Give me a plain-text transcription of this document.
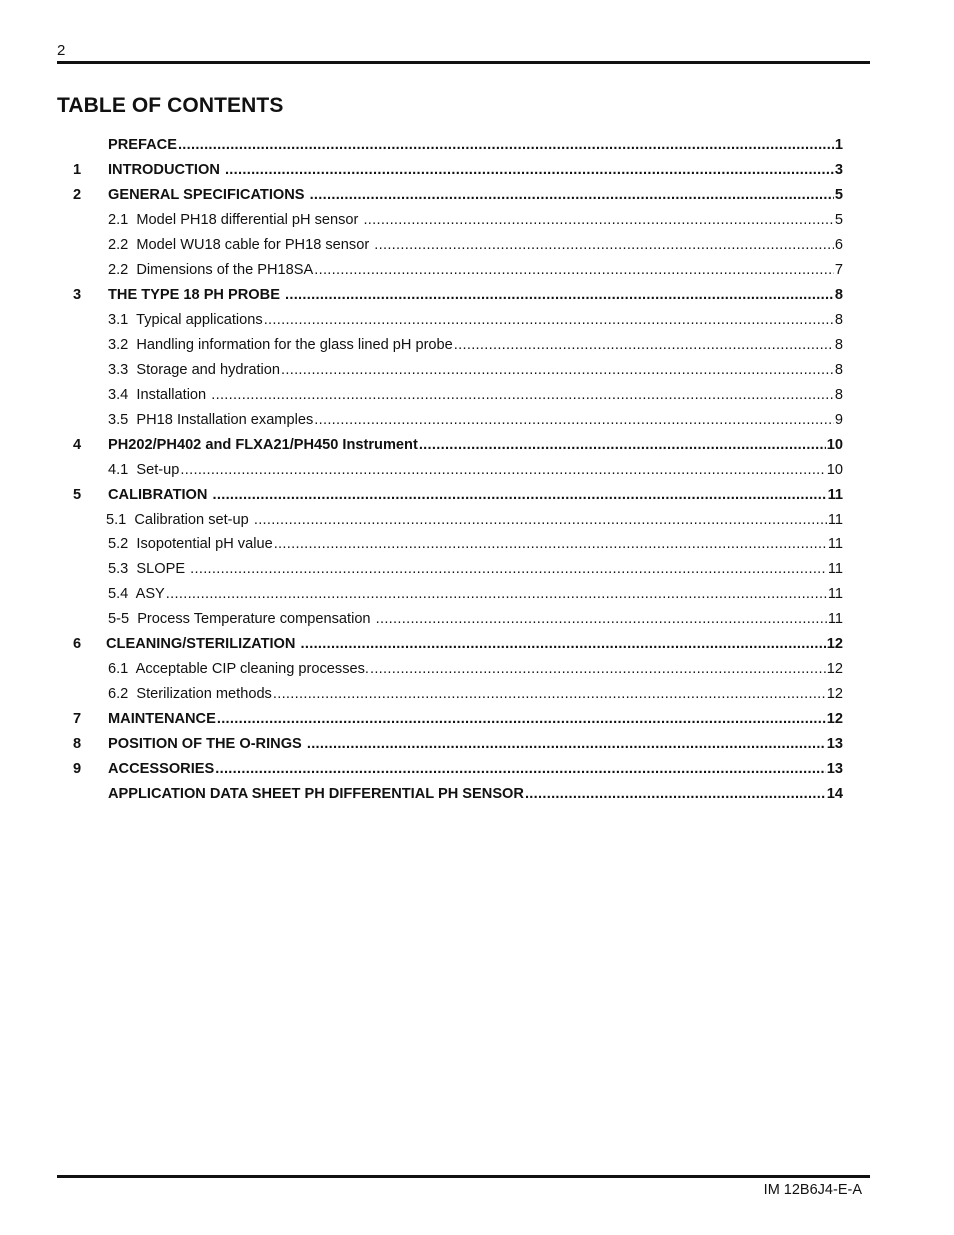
2
TABLE OF CONTENTS
PREFACE .....	1
1	INTRODUCTION .....	3
2	GENERAL SPECIFICATIONS .....	5
2.1  Model PH18 differential pH sensor .....	5
2.2  Model WU18 cable for PH18 sensor .....	6
2.2  Dimensions of the PH18SA .....	7
3	THE TYPE 18 PH PROBE .....	8
3.1  Typical applications .....	8
3.2  Handling information for the glass lined pH probe .....	8
3.3  Storage and hydration .....	8
3.4  Installation .....	8
3.5  PH18 Installation examples .....	9
4	PH202/PH402 and FLXA21/PH450 Instrument .....	10
4.1  Set-up .....	10
5	CALIBRATION .....	11
5.1  Calibration set-up .....	11
5.2  Isopotential pH value .....	11
5.3  SLOPE .....	11
5.4  ASY .....	11
5-5  Process Temperature compensation .....	11
6	CLEANING/STERILIZATION .....	12
6.1  Acceptable CIP cleaning processes. .....	12
6.2  Sterilization methods .....	12
7	MAINTENANCE .....	12
8	POSITION OF THE O-RINGS .....	13
9	ACCESSORIES .....	13
APPLICATION DATA SHEET PH DIFFERENTIAL PH SENSOR .....	14
IM 12B6J4-E-A
